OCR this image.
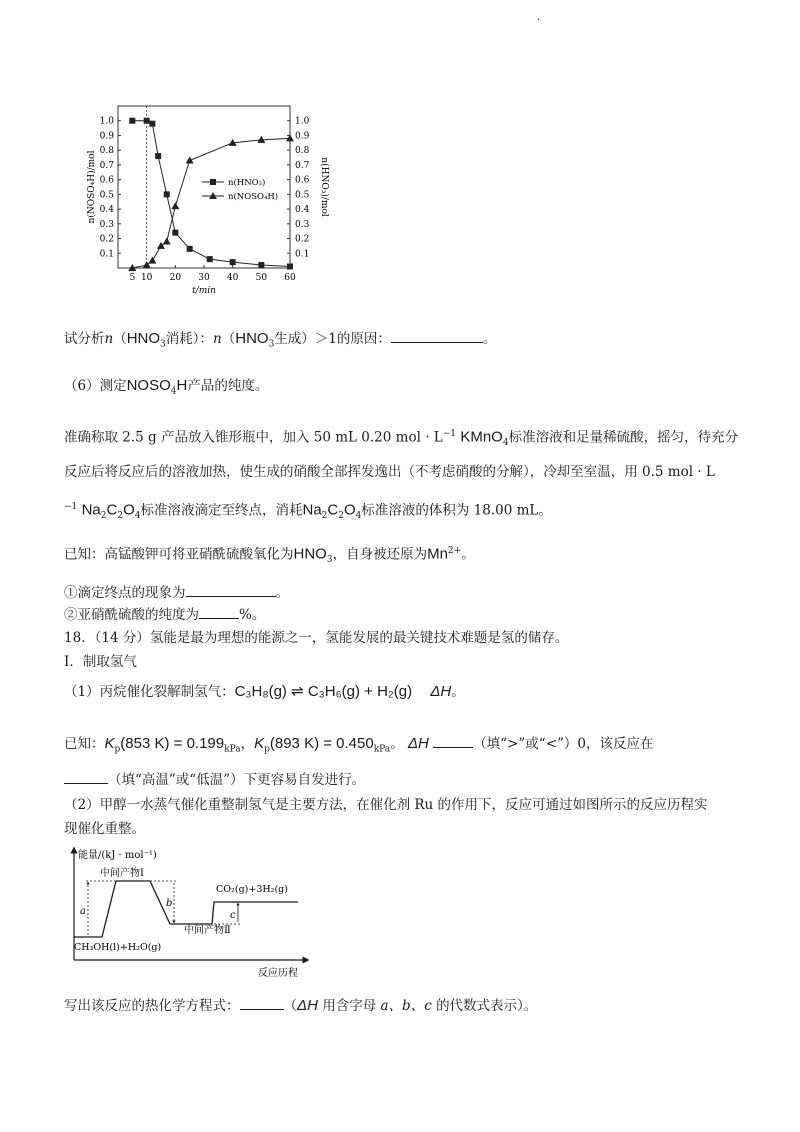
.
0.1	0.1
0.2	0.2
0.3	0.3
0.4	0.4
0.5	0.5
0.6	0.6
0.7	0.7
0.8	0.8
0.9	0.9
1.0	1.0
5 10 20 30 40 50 60
t/min
n(NOSO₄H)/mol	n(HNO₃)/mol
n(HNO₃)
n(NOSO₄H)
试分析$n(HNO_3$消耗）：$n(HNO_3$生成）＞1的原因：	。
（6）测定$NOSO_4H$产品的纯度。
准确称取 2.5 g 产品放入锥形瓶中，加入 50 mL 0.20 mol · $L^{-1}$ KMnO$_4$标准溶液和足量稀硫酸，摇匀，待充分
反应后将反应后的溶液加热，使生成的硝酸全部挥发逸出（不考虑硝酸的分解），冷却至室温，用 0.5 mol · L
$^{-1}$ $Na_2C_2O_4$标准溶液滴定至终点，消耗$Na_2C_2O_4$标准溶液的体积为 18.00 mL。
已知：高锰酸钾可将亚硝酰硫酸氧化为$HNO_3$，自身被还原为$Mn^{2+}$。
①滴定终点的现象为	。
②亚硝酰硫酸的纯度为	%。
18．（14 分）氢能是最为理想的能源之一，氢能发展的最关键技术难题是氢的储存。
Ⅰ．制取氢气
（1）丙烷催化裂解制氢气：C₃H₈(g) ⇌ C₃H₆(g) + H₂(g) ΔH。
已知：$K_p(853$ $K) = 0.199_{kPa}$，$K_p(893$ $K) = 0.450_{kPa}$。 ΔH	（填“>”或“<”）0，该反应在
（填“高温”或“低温”）下更容易自发进行。
（2）甲醇一水蒸气催化重整制氢气是主要方法，在催化剂 Ru 的作用下，反应可通过如图所示的反应历程实
现催化重整。
能量/(kJ · mol⁻¹)
中间产物Ⅰ
CO₂(g)+3H₂(g)
中间产物Ⅱ
CH₃OH(l)+H₂O(g)
反应历程
a
b
c
写出该反应的热化学方程式：	（ΔH 用含字母 a、b、c 的代数式表示）。
